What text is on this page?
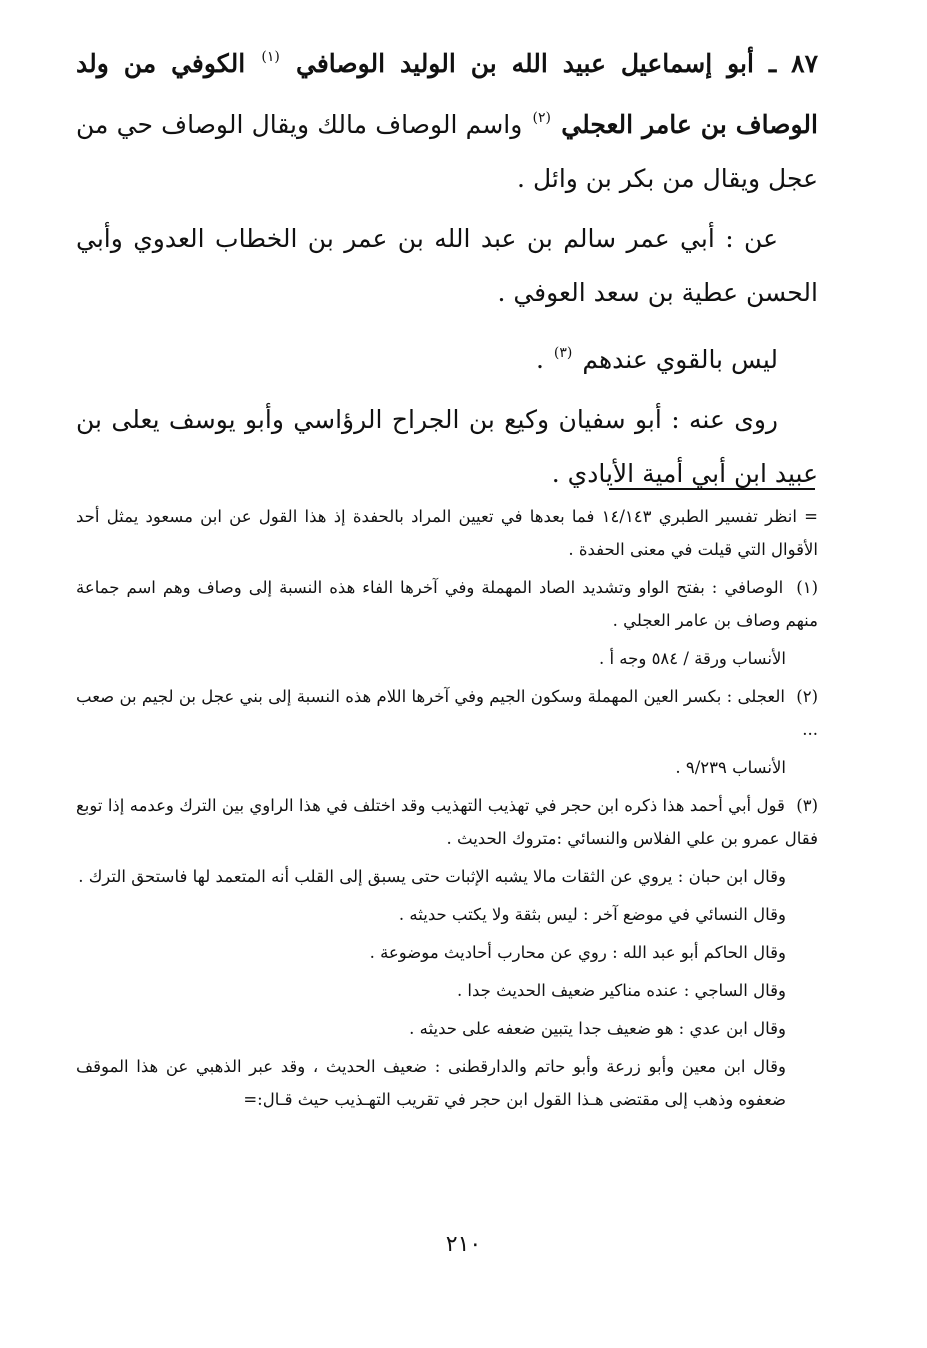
٨٧ ـ أبو إسماعيل عبيد الله بن الوليد الوصافي $^{(١)}$ الكوفي من ولد الوصاف بن عامر العجلي $^{(٢)}$ واسم الوصاف مالك ويقال الوصاف حي من عجل ويقال من بكر بن وائل .

عن : أبي عمر سالم بن عبد الله بن عمر بن الخطاب العدوي وأبي الحسن عطية بن سعد العوفي .

ليس بالقوي عندهم $^{(٣)}$ .

روى عنه : أبو سفيان وكيع بن الجراح الرؤاسي وأبو يوسف يعلى بن عبيد ابن أبي أمية الأيادي .

= انظر تفسير الطبري ١٤/١٤٣ فما بعدها في تعيين المراد بالحفدة إذ هذا القول عن ابن مسعود يمثل أحد الأقوال التي قيلت في معنى الحفدة .

(١) الوصافي : بفتح الواو وتشديد الصاد المهملة وفي آخرها الفاء هذه النسبة إلى وصاف وهم اسم جماعة منهم وصاف بن عامر العجلي .

الأنساب ورقة / ٥٨٤ وجه أ .

(٢) العجلى : بكسر العين المهملة وسكون الجيم وفي آخرها اللام هذه النسبة إلى بني عجل بن لجيم بن صعب ...

الأنساب ٩/٢٣٩ .

(٣) قول أبي أحمد هذا ذكره ابن حجر في تهذيب التهذيب وقد اختلف في هذا الراوي بين الترك وعدمه إذا توبع فقال عمرو بن علي الفلاس والنسائي :متروك الحديث .

وقال ابن حبان : يروي عن الثقات مالا يشبه الإثبات حتى يسبق إلى القلب أنه المتعمد لها فاستحق الترك .

وقال النسائي في موضع آخر : ليس بثقة ولا يكتب حديثه .

وقال الحاكم أبو عبد الله : روي عن محارب أحاديث موضوعة .

وقال الساجي : عنده مناكير ضعيف الحديث جدا .

وقال ابن عدي : هو ضعيف جدا يتبين ضعفه على حديثه .

وقال ابن معين وأبو زرعة وأبو حاتم والدارقطنى : ضعيف الحديث ، وقد عبر الذهبي عن هذا الموقف ضعفوه وذهب إلى مقتضى هـذا القول ابن حجر في تقريب التهـذيب حيث قـال:=

٢١٠
